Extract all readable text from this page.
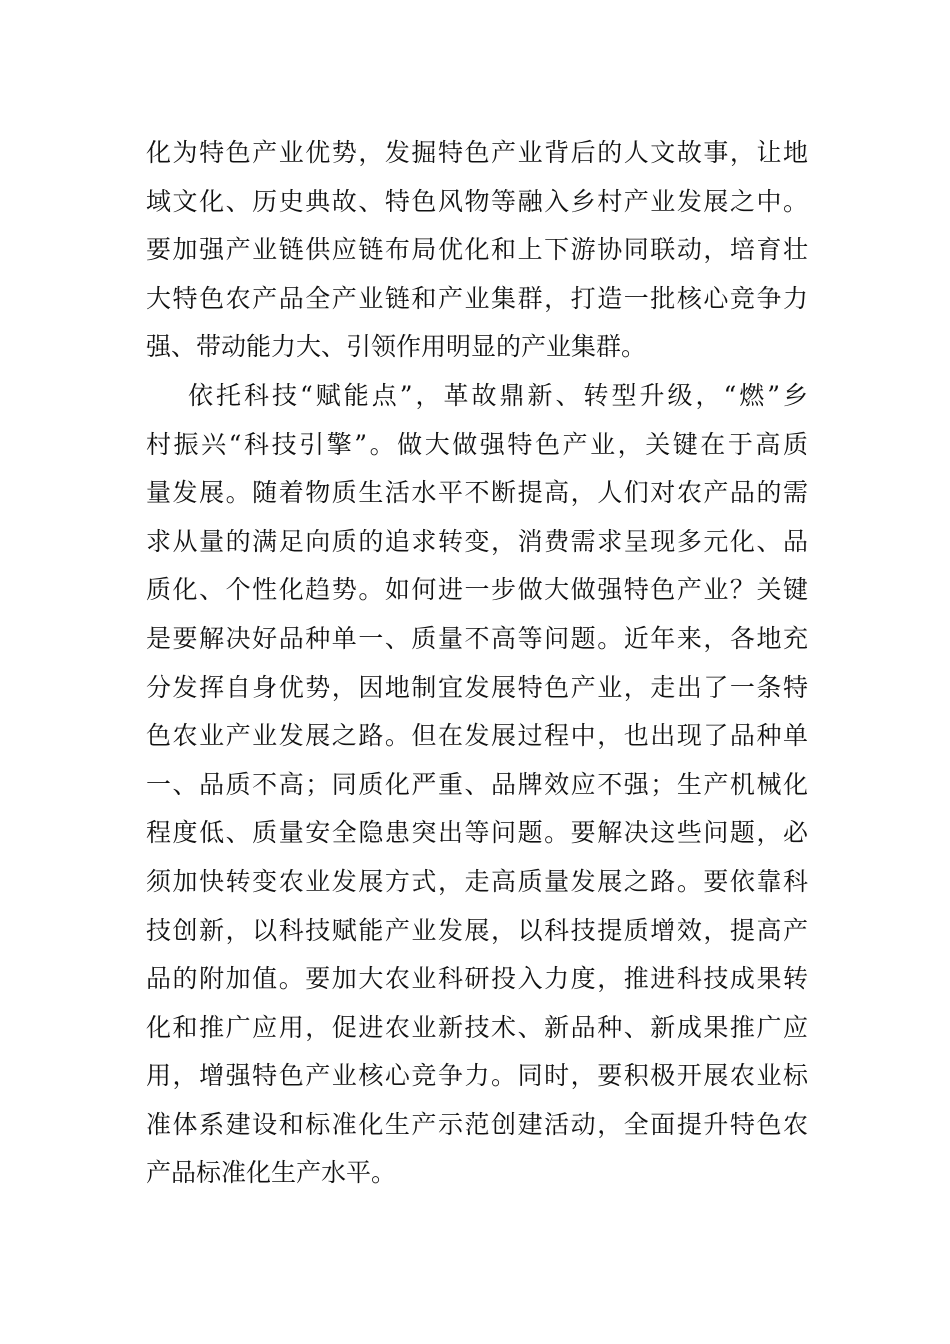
化为特色产业优势，发掘特色产业背后的人文故事，让地
域文化、历史典故、特色风物等融入乡村产业发展之中。
要加强产业链供应链布局优化和上下游协同联动，培育壮
大特色农产品全产业链和产业集群，打造一批核心竞争力
强、带动能力大、引领作用明显的产业集群。
依托科技“赋能点”，革故鼎新、转型升级，“燃”乡
村振兴“科技引擎”。做大做强特色产业，关键在于高质
量发展。随着物质生活水平不断提高，人们对农产品的需
求从量的满足向质的追求转变，消费需求呈现多元化、品
质化、个性化趋势。如何进一步做大做强特色产业？关键
是要解决好品种单一、质量不高等问题。近年来，各地充
分发挥自身优势，因地制宜发展特色产业，走出了一条特
色农业产业发展之路。但在发展过程中，也出现了品种单
一、品质不高；同质化严重、品牌效应不强；生产机械化
程度低、质量安全隐患突出等问题。要解决这些问题，必
须加快转变农业发展方式，走高质量发展之路。要依靠科
技创新，以科技赋能产业发展，以科技提质增效，提高产
品的附加值。要加大农业科研投入力度，推进科技成果转
化和推广应用，促进农业新技术、新品种、新成果推广应
用，增强特色产业核心竞争力。同时，要积极开展农业标
准体系建设和标准化生产示范创建活动，全面提升特色农
产品标准化生产水平。
